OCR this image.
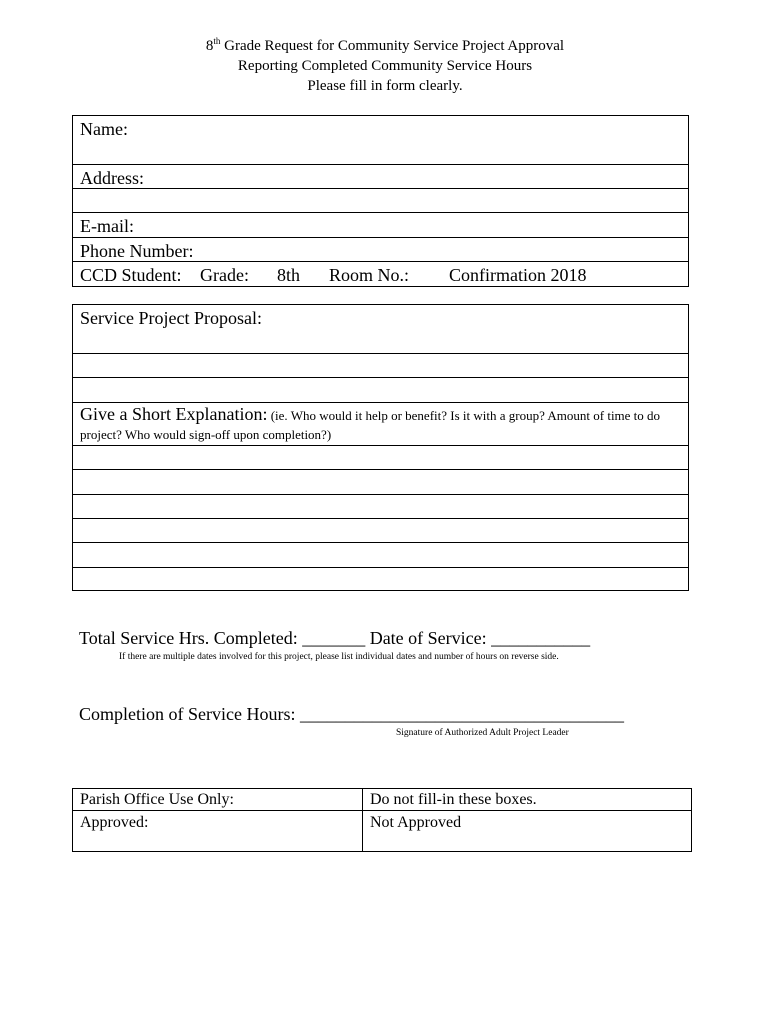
8th Grade Request for Community Service Project Approval
Reporting Completed Community Service Hours
Please fill in form clearly.
Name:
Address:
E-mail:
Phone Number:
CCD Student: Grade: 8th Room No.: Confirmation 2018
Service Project Proposal:
Give a Short Explanation: (ie. Who would it help or benefit? Is it with a group? Amount of time to do project? Who would sign-off upon completion?)
Total Service Hrs. Completed: _______ Date of Service: ___________
If there are multiple dates involved for this project, please list individual dates and number of hours on reverse side.
Completion of Service Hours: ____________________________________
Signature of Authorized Adult Project Leader
Parish Office Use Only:	Do not fill-in these boxes.
Approved:	Not Approved
